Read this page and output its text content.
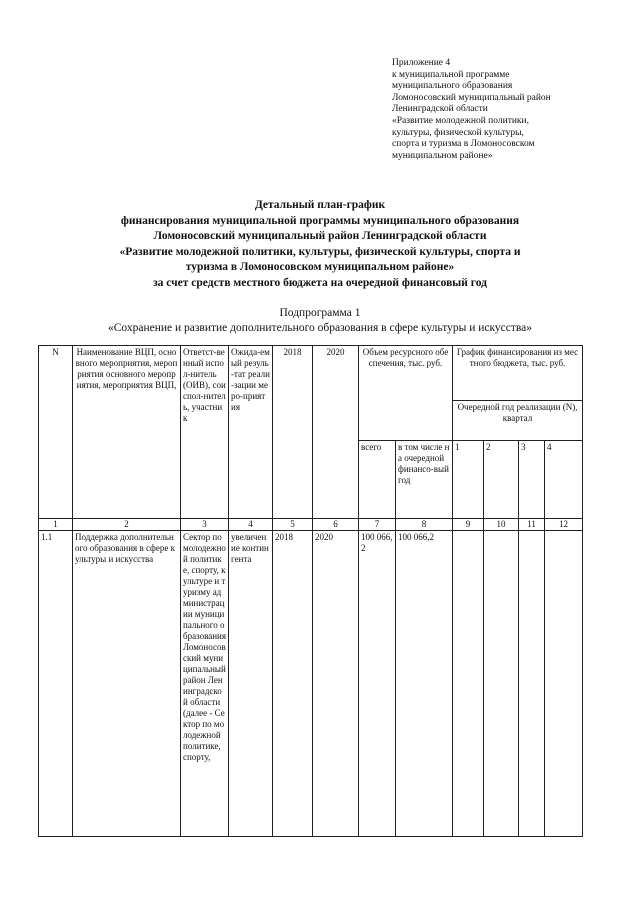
Приложение 4
к муниципальной программе
муниципального образования
Ломоносовский муниципальный район
Ленинградской области
«Развитие молодежной политики,
культуры, физической культуры,
спорта и туризма в Ломоносовском
муниципальном районе»
Детальный план-график
финансирования муниципальной программы муниципального образования
Ломоносовский муниципальный район Ленинградской области
«Развитие молодежной политики, культуры, физической культуры, спорта и
туризма в Ломоносовском муниципальном районе»
за счет средств местного бюджета на очередной финансовый год
Подпрограмма 1
«Сохранение и развитие дополнительного образования в сфере культуры и искусства»
N	Наименование ВЦП, основного мероприятия, мероприятия основного мероприятия, мероприятия ВЦП,	Ответст-венный испол-нитель (ОИВ), соиспол-нитель, участник	Ожида-емый резуль-тат реали-зации меро-приятия	2018	2020	Объем ресурсного обеспечения, тыс. руб.		График финансирования из местного бюджета, тыс. руб.			
								Очередной год реализации (N), квартал			
						всего	в том числе на очередной финансо-вый год	1	2	3	4
1	2	3	4	5	6	7	8	9	10	11	12
1.1	Поддержка дополнительного образования в сфере культуры и искусства	Сектор по молодежной политике, спорту, культуре и туризму администрации муниципального образования Ломоносовский муниципальный район Ленинградской области (далее - Сектор по молодежной политике, спорту,	увеличение контингента	2018	2020	100 066,2	100 066,2				
